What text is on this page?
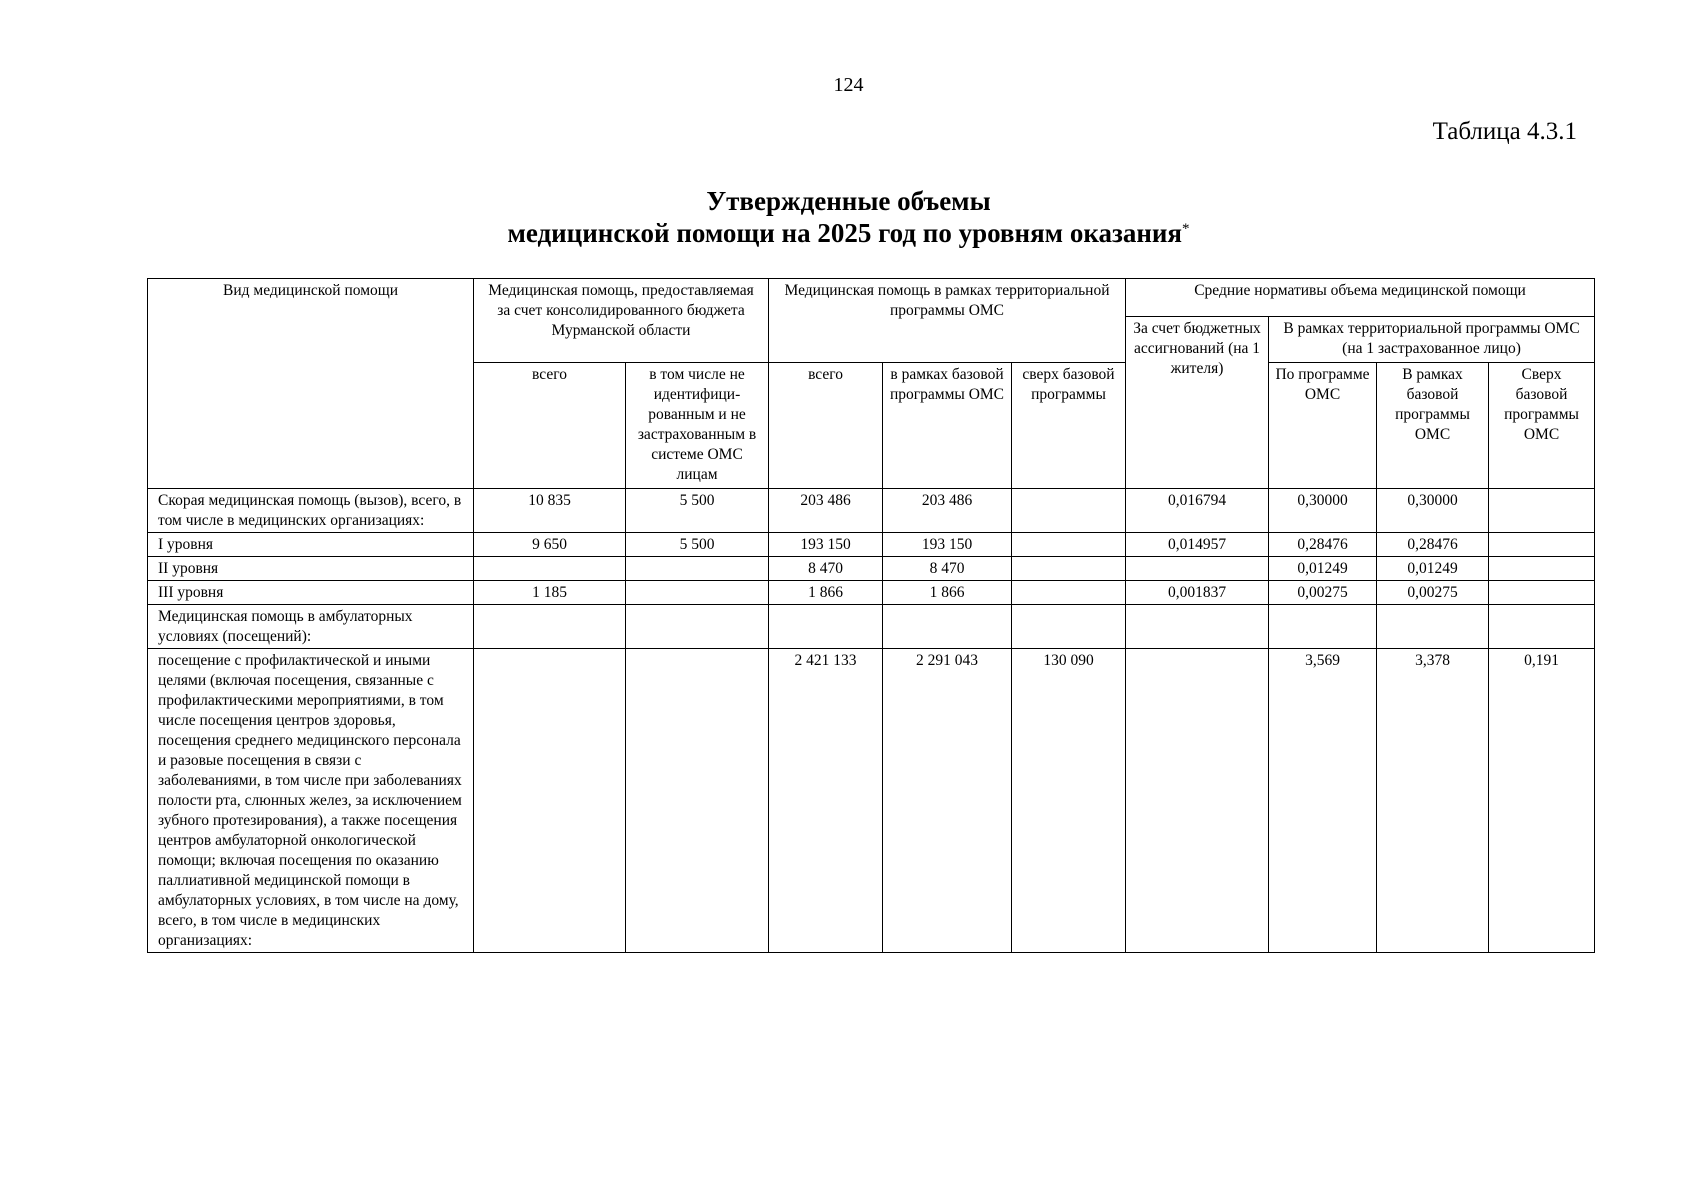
124
Таблица 4.3.1
Утвержденные объемы
медицинской помощи на 2025 год по уровням оказания*
Вид медицинской помощи	Медицинская помощь, предоставляемая за счет консолидированного бюджета Мурманской области		Медицинская помощь в рамках территориальной программы ОМС			Средние нормативы объема медицинской помощи			
						За счет бюджетных ассигнований (на 1 жителя)	В рамках территориальной программы ОМС (на 1 застрахованное лицо)		
	всего	в том числе не идентифици-рованным и не застрахованным в системе ОМС лицам	всего	в рамках базовой программы ОМС	сверх базовой программы		По программе ОМС	В рамках базовой программы ОМС	Сверх базовой программы ОМС
Скорая медицинская помощь (вызов), всего, в том числе в медицинских организациях:	10 835	5 500	203 486	203 486		0,016794	0,30000	0,30000	
I уровня	9 650	5 500	193 150	193 150		0,014957	0,28476	0,28476	
II уровня			8 470	8 470			0,01249	0,01249	
III уровня	1 185		1 866	1 866		0,001837	0,00275	0,00275	
Медицинская помощь в амбулаторных условиях (посещений):									
посещение с профилактической и иными целями (включая посещения, связанные с профилактическими мероприятиями, в том числе посещения центров здоровья, посещения среднего медицинского персонала и разовые посещения в связи с заболеваниями, в том числе при заболеваниях полости рта, слюнных желез, за исключением зубного протезирования), а также посещения центров амбулаторной онкологической помощи; включая посещения по оказанию паллиативной медицинской помощи в амбулаторных условиях, в том числе на дому, всего, в том числе в медицинских организациях:			2 421 133	2 291 043	130 090		3,569	3,378	0,191
